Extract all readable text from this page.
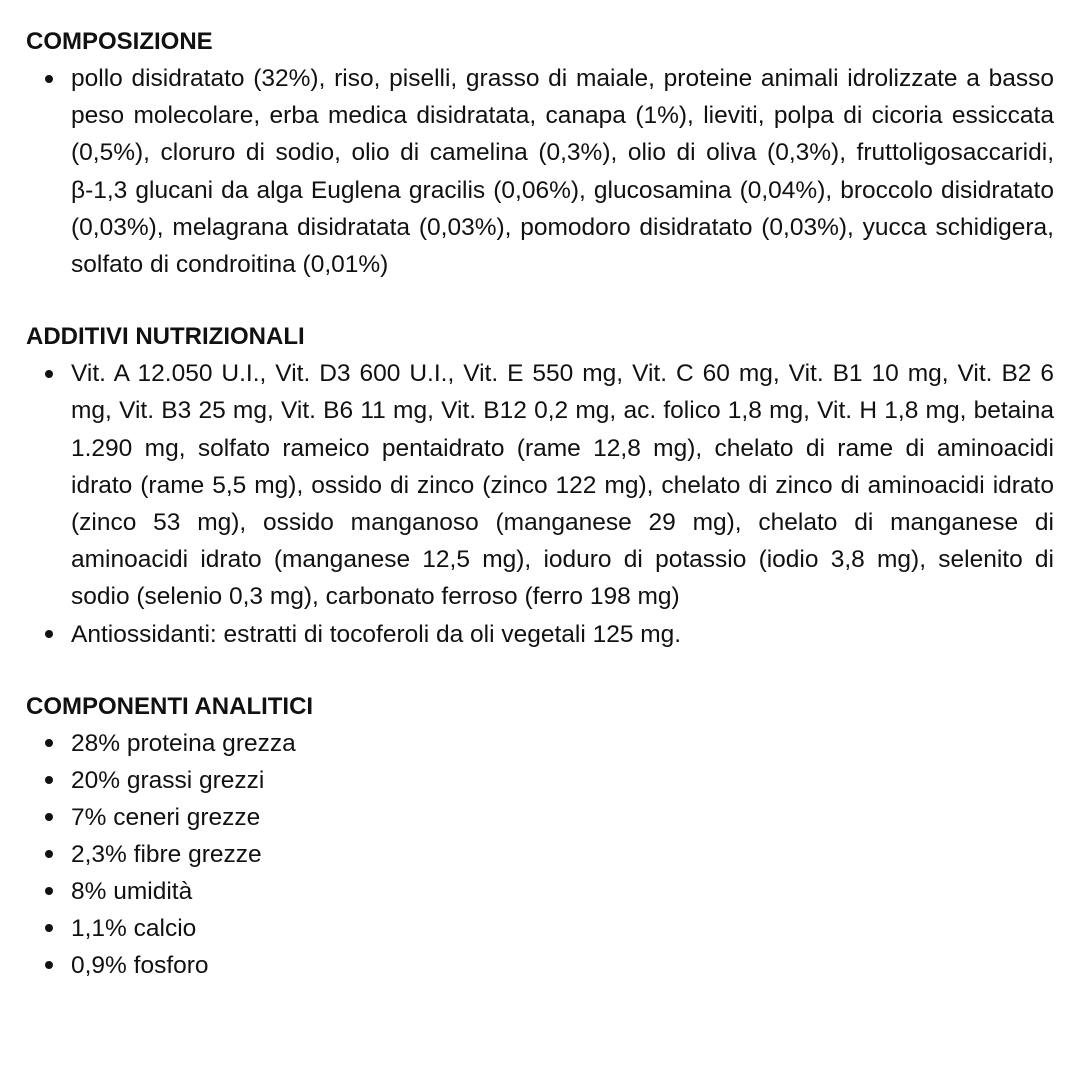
COMPOSIZIONE
pollo disidratato (32%), riso, piselli, grasso di maiale, proteine animali idrolizzate a basso peso molecolare, erba medica disidratata, canapa (1%), lieviti, polpa di cicoria essiccata (0,5%), cloruro di sodio, olio di camelina (0,3%), olio di oliva (0,3%), fruttoligosaccaridi, β-1,3 glucani da alga Euglena gracilis (0,06%), glucosamina (0,04%), broccolo disidratato (0,03%), melagrana disidratata (0,03%), pomodoro disidratato (0,03%), yucca schidigera, solfato di condroitina (0,01%)
ADDITIVI NUTRIZIONALI
Vit. A 12.050 U.I., Vit. D3 600 U.I., Vit. E 550 mg, Vit. C 60 mg, Vit. B1 10 mg, Vit. B2 6 mg, Vit. B3 25 mg, Vit. B6 11 mg, Vit. B12 0,2 mg, ac. folico 1,8 mg, Vit. H 1,8 mg, betaina 1.290 mg, solfato rameico pentaidrato (rame 12,8 mg), chelato di rame di aminoacidi idrato (rame 5,5 mg), ossido di zinco (zinco 122 mg), chelato di zinco di aminoacidi idrato (zinco 53 mg), ossido manganoso (manganese 29 mg), chelato di manganese di aminoacidi idrato (manganese 12,5 mg), ioduro di potassio (iodio 3,8 mg), selenito di sodio (selenio 0,3 mg), carbonato ferroso (ferro 198 mg)
Antiossidanti: estratti di tocoferoli da oli vegetali 125 mg.
COMPONENTI ANALITICI
28% proteina grezza
20% grassi grezzi
7% ceneri grezze
2,3% fibre grezze
8% umidità
1,1% calcio
0,9% fosforo
